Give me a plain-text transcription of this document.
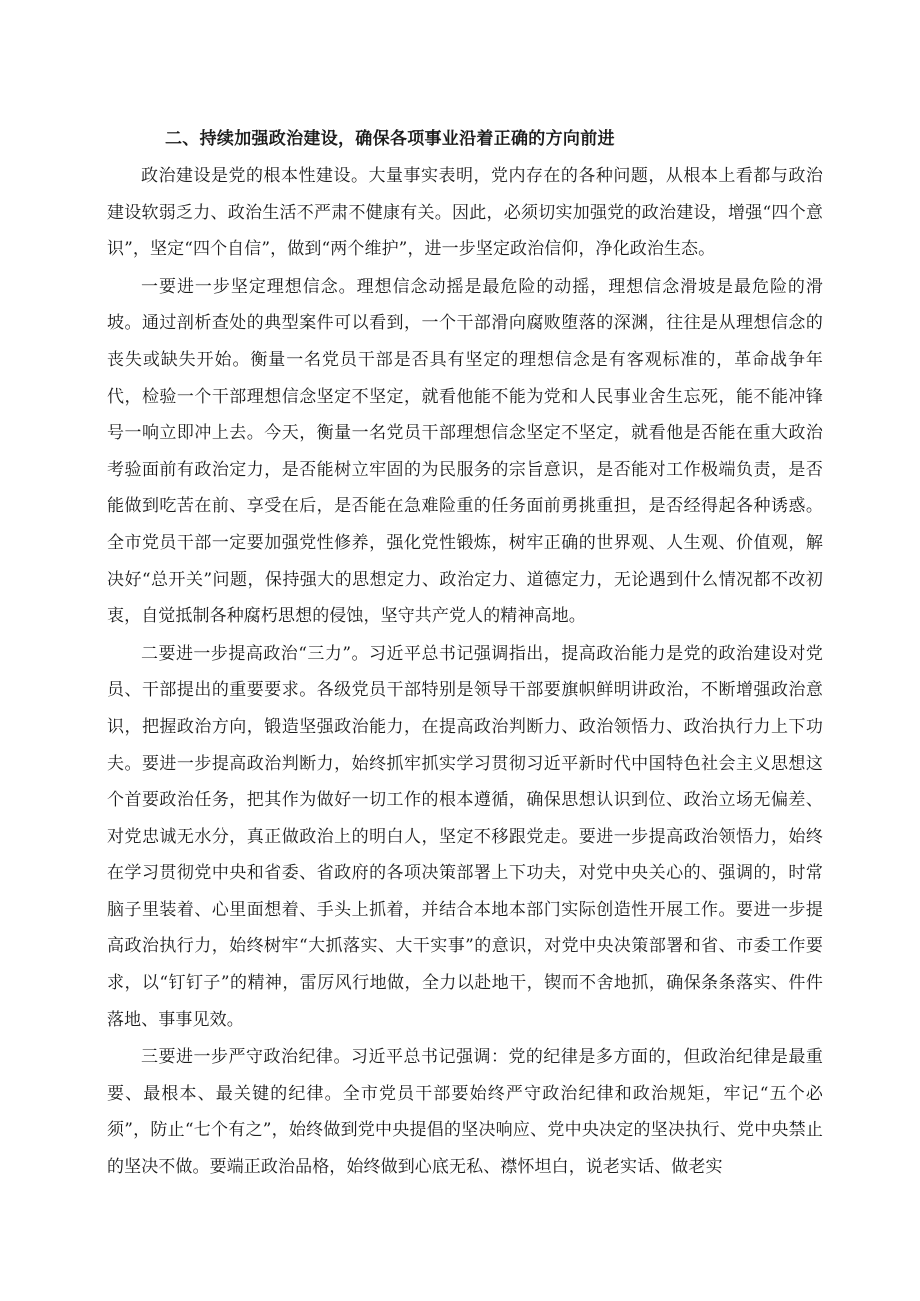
二、持续加强政治建设，确保各项事业沿着正确的方向前进

政治建设是党的根本性建设。大量事实表明，党内存在的各种问题，从根本上看都与政治建设软弱乏力、政治生活不严肃不健康有关。因此，必须切实加强党的政治建设，增强“四个意识”，坚定“四个自信”，做到“两个维护”，进一步坚定政治信仰，净化政治生态。

一要进一步坚定理想信念。理想信念动摇是最危险的动摇，理想信念滑坡是最危险的滑坡。通过剖析查处的典型案件可以看到，一个干部滑向腐败堕落的深渊，往往是从理想信念的丧失或缺失开始。衡量一名党员干部是否具有坚定的理想信念是有客观标准的，革命战争年代，检验一个干部理想信念坚定不坚定，就看他能不能为党和人民事业舍生忘死，能不能冲锋号一响立即冲上去。今天，衡量一名党员干部理想信念坚定不坚定，就看他是否能在重大政治考验面前有政治定力，是否能树立牢固的为民服务的宗旨意识，是否能对工作极端负责，是否能做到吃苦在前、享受在后，是否能在急难险重的任务面前勇挑重担，是否经得起各种诱惑。全市党员干部一定要加强党性修养，强化党性锻炼，树牢正确的世界观、人生观、价值观，解决好“总开关”问题，保持强大的思想定力、政治定力、道德定力，无论遇到什么情况都不改初衷，自觉抵制各种腐朽思想的侵蚀，坚守共产党人的精神高地。

二要进一步提高政治“三力”。习近平总书记强调指出，提高政治能力是党的政治建设对党员、干部提出的重要要求。各级党员干部特别是领导干部要旗帜鲜明讲政治，不断增强政治意识，把握政治方向，锻造坚强政治能力，在提高政治判断力、政治领悟力、政治执行力上下功夫。要进一步提高政治判断力，始终抓牢抓实学习贯彻习近平新时代中国特色社会主义思想这个首要政治任务，把其作为做好一切工作的根本遵循，确保思想认识到位、政治立场无偏差、对党忠诚无水分，真正做政治上的明白人，坚定不移跟党走。要进一步提高政治领悟力，始终在学习贯彻党中央和省委、省政府的各项决策部署上下功夫，对党中央关心的、强调的，时常脑子里装着、心里面想着、手头上抓着，并结合本地本部门实际创造性开展工作。要进一步提高政治执行力，始终树牢“大抓落实、大干实事”的意识，对党中央决策部署和省、市委工作要求，以“钉钉子”的精神，雷厉风行地做，全力以赴地干，锲而不舍地抓，确保条条落实、件件落地、事事见效。

三要进一步严守政治纪律。习近平总书记强调：党的纪律是多方面的，但政治纪律是最重要、最根本、最关键的纪律。全市党员干部要始终严守政治纪律和政治规矩，牢记“五个必须”，防止“七个有之”，始终做到党中央提倡的坚决响应、党中央决定的坚决执行、党中央禁止的坚决不做。要端正政治品格，始终做到心底无私、襟怀坦白，说老实话、做老实
